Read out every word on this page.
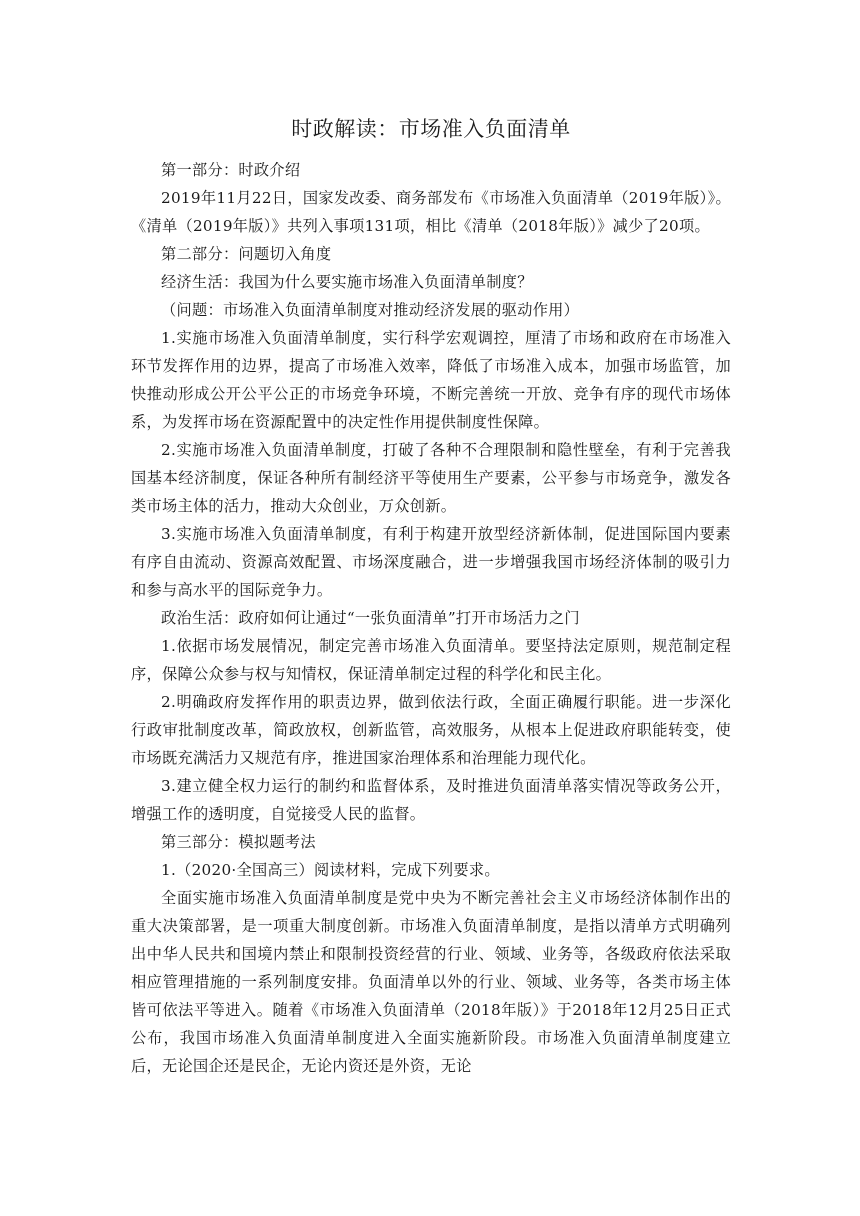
时政解读：市场准入负面清单

第一部分：时政介绍

2019年11月22日，国家发改委、商务部发布《市场准入负面清单（2019年版）》。《清单（2019年版）》共列入事项131项，相比《清单（2018年版）》减少了20项。

第二部分：问题切入角度

经济生活：我国为什么要实施市场准入负面清单制度？

（问题：市场准入负面清单制度对推动经济发展的驱动作用）

1.实施市场准入负面清单制度，实行科学宏观调控，厘清了市场和政府在市场准入环节发挥作用的边界，提高了市场准入效率，降低了市场准入成本，加强市场监管，加快推动形成公开公平公正的市场竞争环境，不断完善统一开放、竞争有序的现代市场体系，为发挥市场在资源配置中的决定性作用提供制度性保障。

2.实施市场准入负面清单制度，打破了各种不合理限制和隐性壁垒，有利于完善我国基本经济制度，保证各种所有制经济平等使用生产要素，公平参与市场竞争，激发各类市场主体的活力，推动大众创业，万众创新。

3.实施市场准入负面清单制度，有利于构建开放型经济新体制，促进国际国内要素有序自由流动、资源高效配置、市场深度融合，进一步增强我国市场经济体制的吸引力和参与高水平的国际竞争力。

政治生活：政府如何让通过“一张负面清单”打开市场活力之门

1.依据市场发展情况，制定完善市场准入负面清单。要坚持法定原则，规范制定程序，保障公众参与权与知情权，保证清单制定过程的科学化和民主化。

2.明确政府发挥作用的职责边界，做到依法行政，全面正确履行职能。进一步深化行政审批制度改革，简政放权，创新监管，高效服务，从根本上促进政府职能转变，使市场既充满活力又规范有序，推进国家治理体系和治理能力现代化。

3.建立健全权力运行的制约和监督体系，及时推进负面清单落实情况等政务公开，增强工作的透明度，自觉接受人民的监督。

第三部分：模拟题考法

1.（2020·全国高三）阅读材料，完成下列要求。

全面实施市场准入负面清单制度是党中央为不断完善社会主义市场经济体制作出的重大决策部署，是一项重大制度创新。市场准入负面清单制度，是指以清单方式明确列出中华人民共和国境内禁止和限制投资经营的行业、领域、业务等，各级政府依法采取相应管理措施的一系列制度安排。负面清单以外的行业、领域、业务等，各类市场主体皆可依法平等进入。随着《市场准入负面清单（2018年版）》于2018年12月25日正式公布，我国市场准入负面清单制度进入全面实施新阶段。市场准入负面清单制度建立后，无论国企还是民企，无论内资还是外资，无论
